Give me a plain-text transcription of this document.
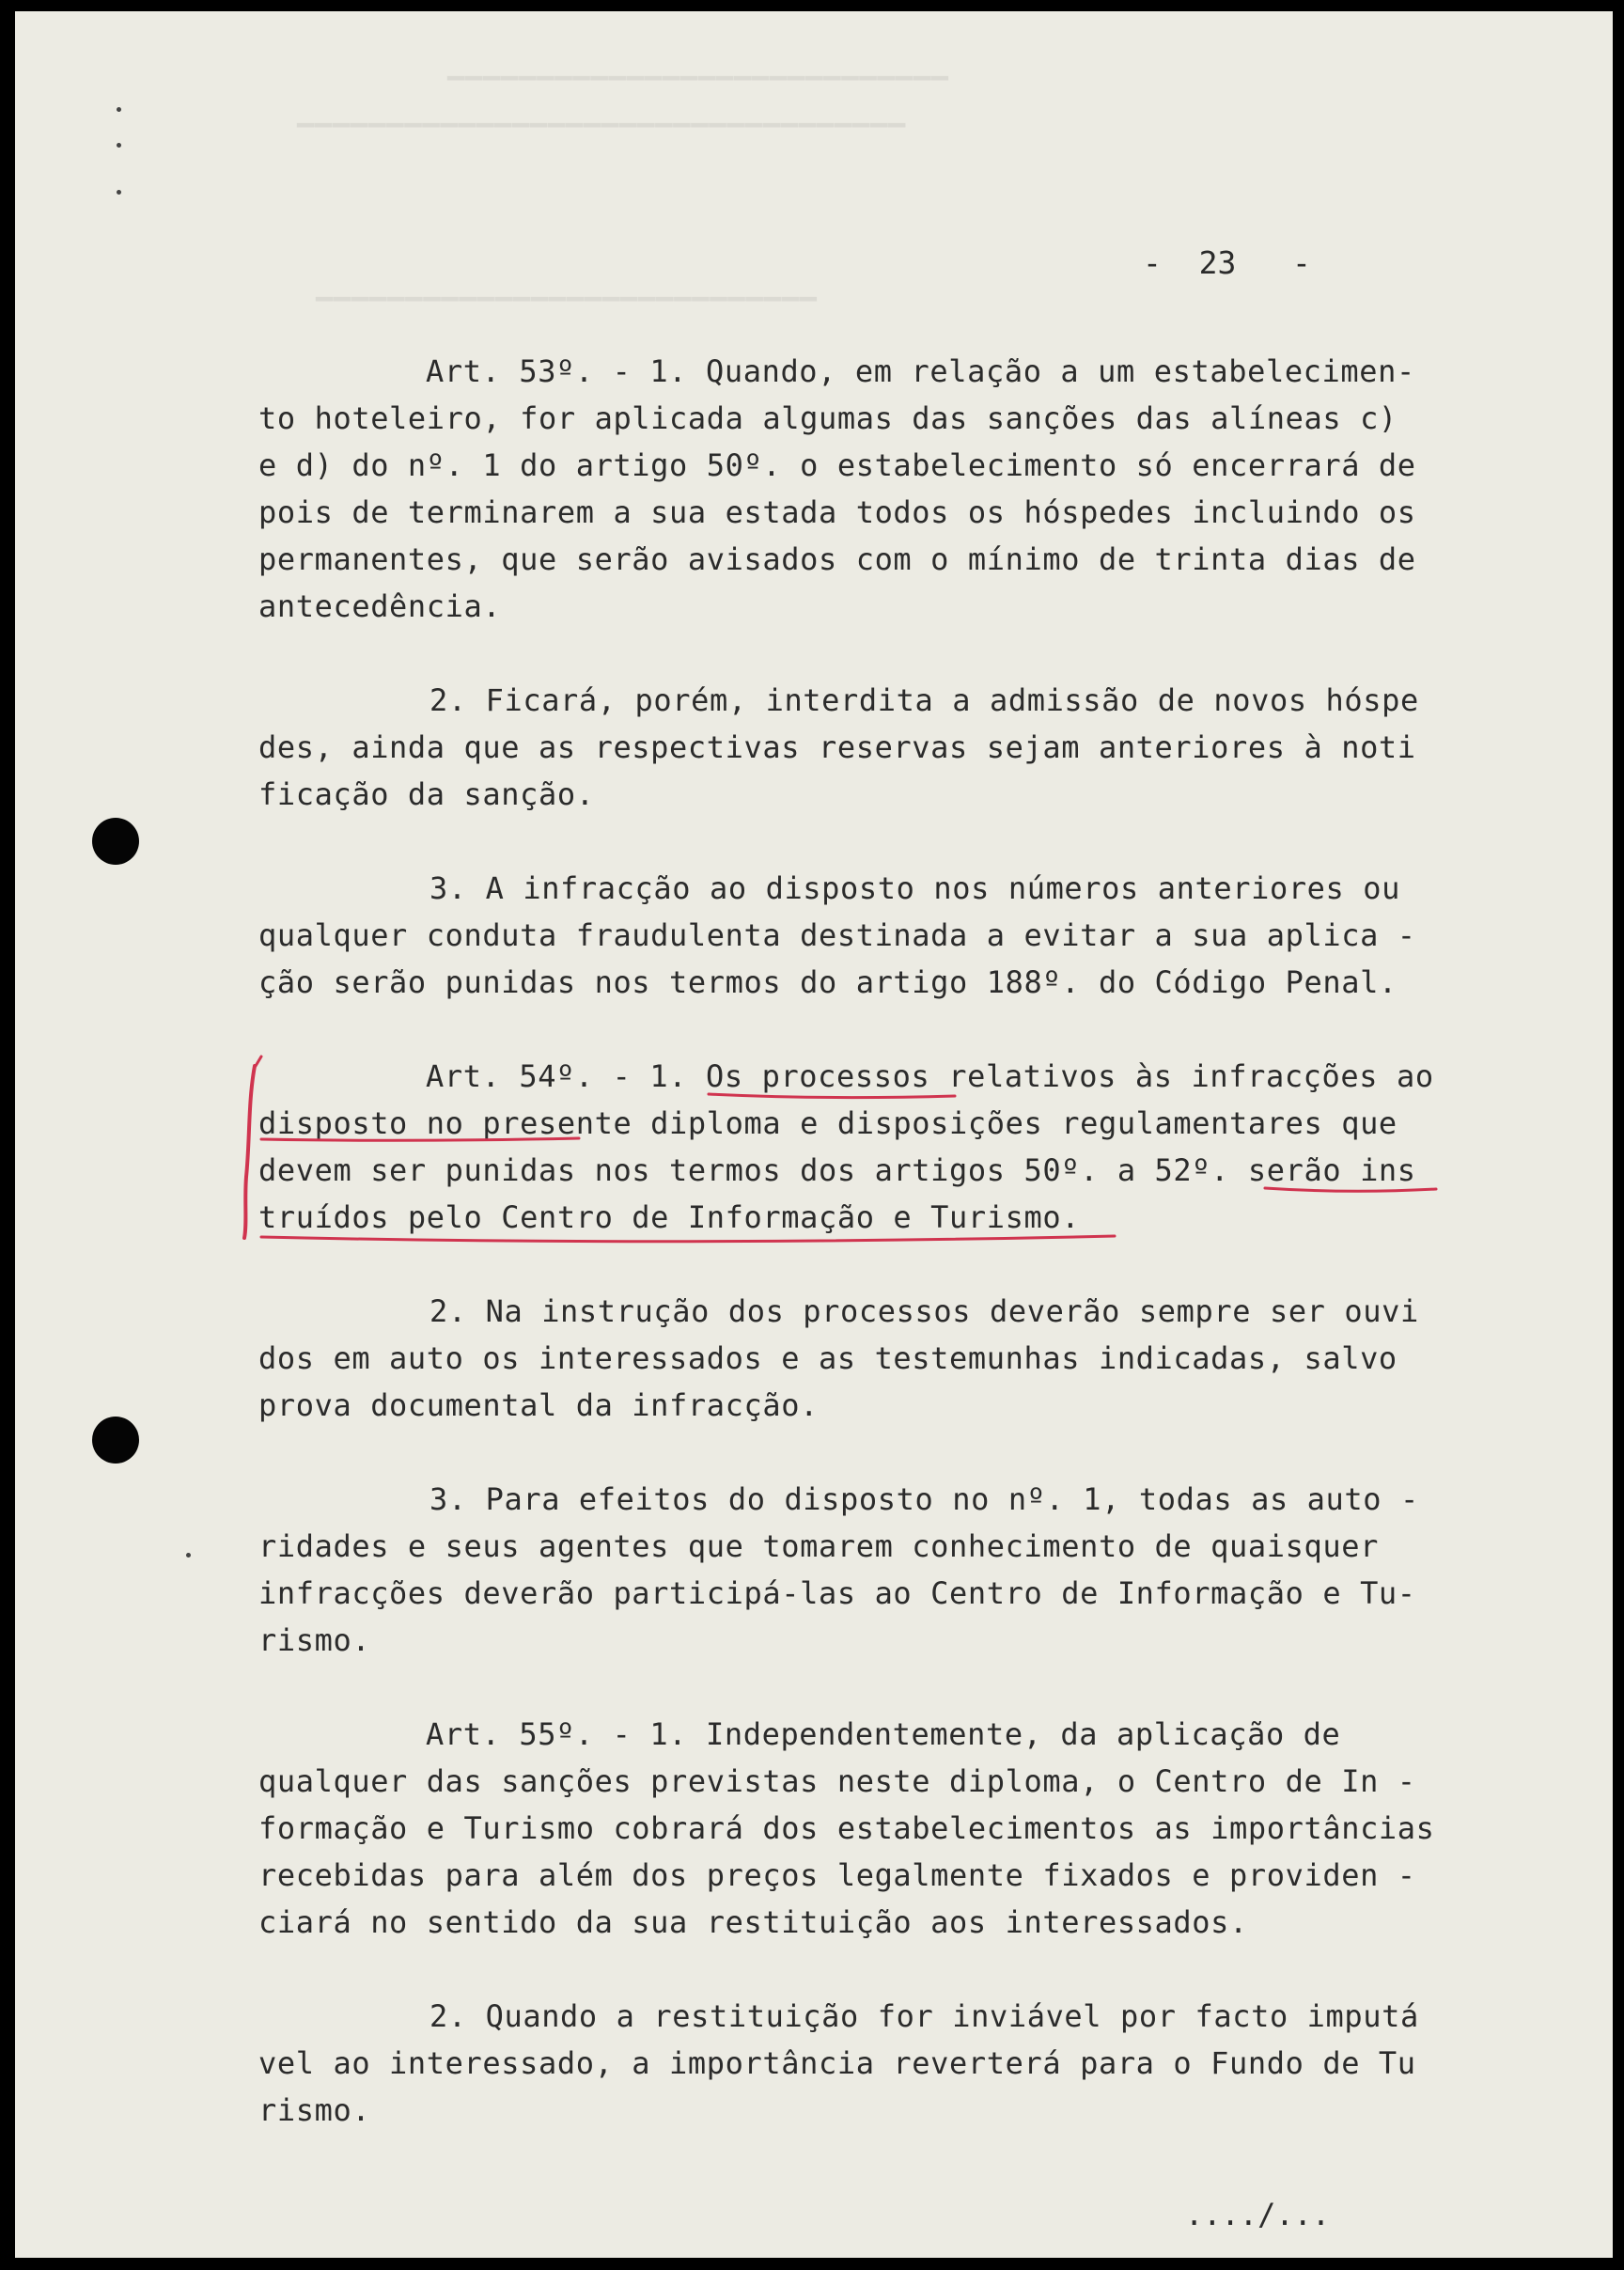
▔▔▔▔▔▔▔▔▔▔▔▔▔▔▔▔▔▔▔▔▔▔▔▔▔▔▔▔
▔▔▔▔▔▔▔▔▔▔▔▔▔▔▔▔▔▔▔▔▔▔▔▔▔▔▔▔▔▔▔▔▔▔
▔▔▔▔▔▔▔▔▔▔▔▔▔▔▔▔▔▔▔▔▔▔▔▔▔▔▔▔
-  23   -
Art. 53º. - 1. Quando, em relação a um estabelecimen-
to hoteleiro, for aplicada algumas das sanções das alíneas c)
e d) do nº. 1 do artigo 50º. o estabelecimento só encerrará de
pois de terminarem a sua estada todos os hóspedes incluindo os
permanentes, que serão avisados com o mínimo de trinta dias de
antecedência.
2. Ficará, porém, interdita a admissão de novos hóspe
des, ainda que as respectivas reservas sejam anteriores à noti
ficação da sanção.
3. A infracção ao disposto nos números anteriores ou
qualquer conduta fraudulenta destinada a evitar a sua aplica -
ção serão punidas nos termos do artigo 188º. do Código Penal.
Art. 54º. - 1. Os processos relativos às infracções ao
disposto no presente diploma e disposições regulamentares que
devem ser punidas nos termos dos artigos 50º. a 52º. serão ins
truídos pelo Centro de Informação e Turismo.
2. Na instrução dos processos deverão sempre ser ouvi
dos em auto os interessados e as testemunhas indicadas, salvo
prova documental da infracção.
3. Para efeitos do disposto no nº. 1, todas as auto -
ridades e seus agentes que tomarem conhecimento de quaisquer
infracções deverão participá-las ao Centro de Informação e Tu-
rismo.
Art. 55º. - 1. Independentemente, da aplicação de
qualquer das sanções previstas neste diploma, o Centro de In -
formação e Turismo cobrará dos estabelecimentos as importâncias
recebidas para além dos preços legalmente fixados e providen -
ciará no sentido da sua restituição aos interessados.
2. Quando a restituição for inviável por facto imputá
vel ao interessado, a importância reverterá para o Fundo de Tu
rismo.
..../...
